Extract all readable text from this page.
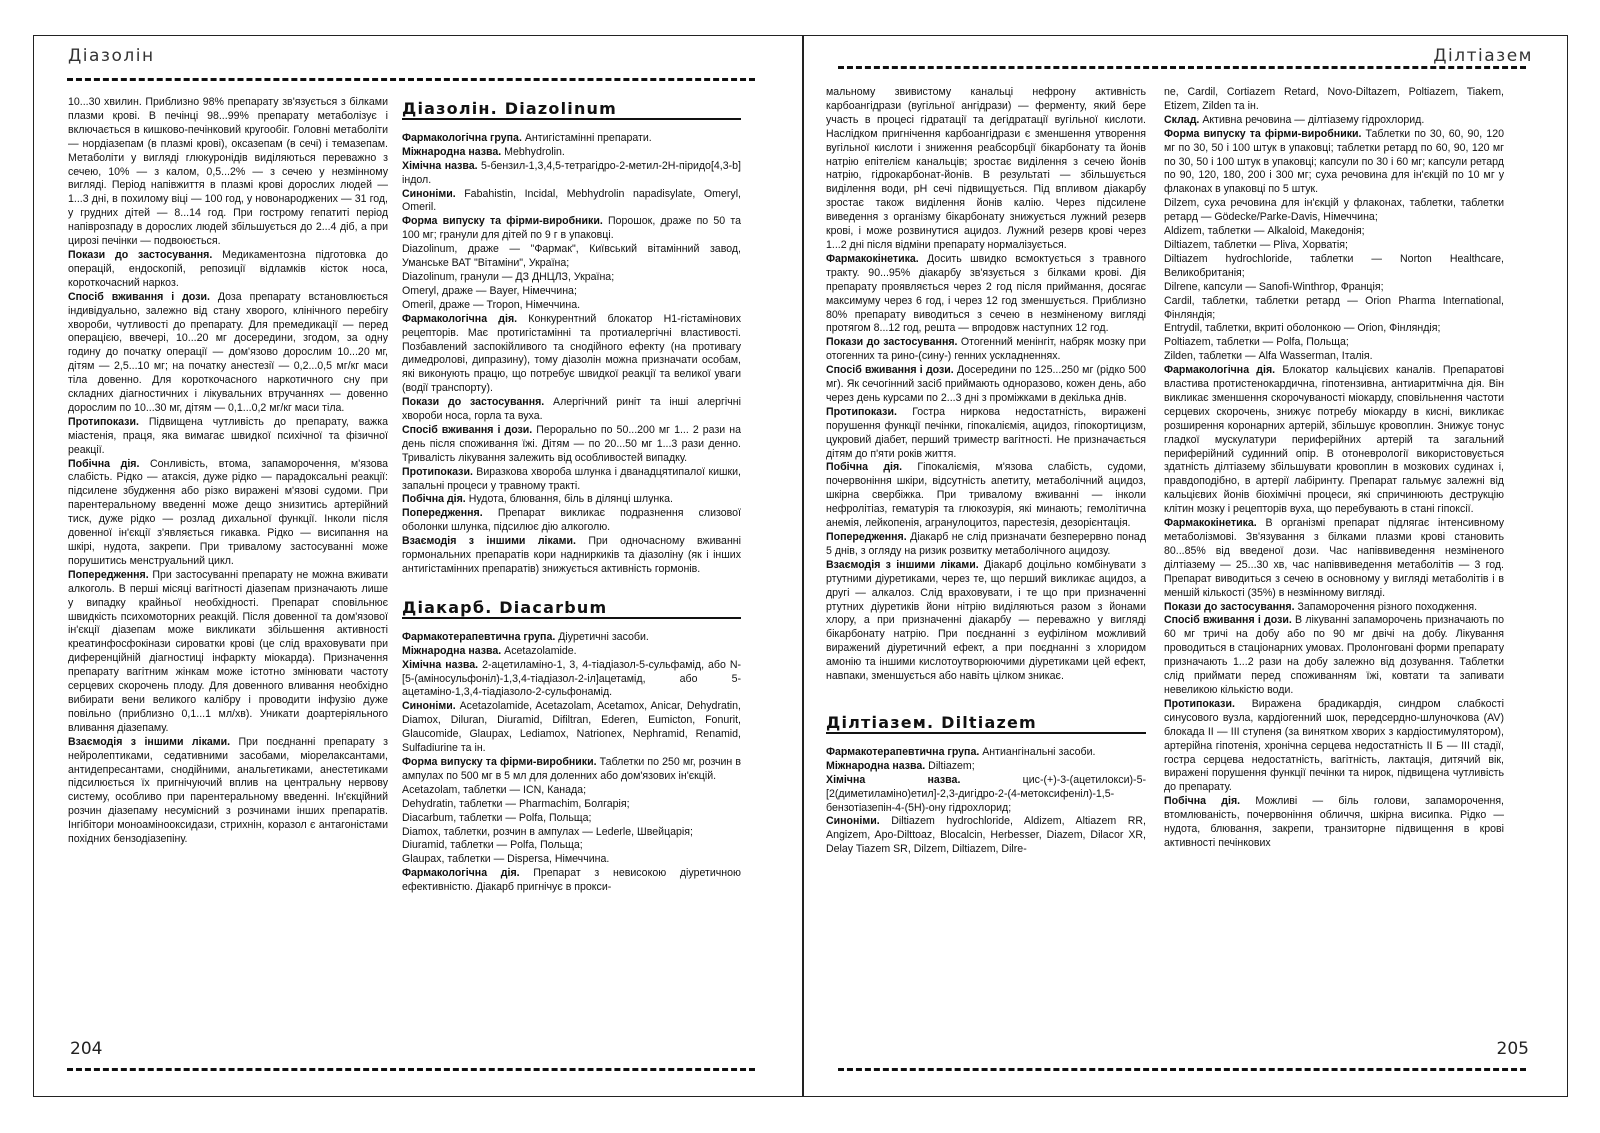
Діазолін

10...30 хвилин. Приблизно 98% препарату зв'язується з білками плазми крові. В печінці 98...99% препарату метаболізує і включається в кишково-печінковий кругообіг. Головні метаболіти — нордіазепам (в плазмі крові), оксазепам (в сечі) і темазепам. Метаболіти у вигляді глюкуронідів виділяються переважно з сечею, 10% — з калом, 0,5...2% — з сечею у незмінному вигляді. Період напівжиття в плазмі крові дорослих людей — 1...3 дні, в похилому віці — 100 год, у новонароджених — 31 год, у грудних дітей — 8...14 год. При гострому гепатиті період напіврозпаду в дорослих людей збільшується до 2...4 діб, а при цирозі печінки — подвоюється.

Покази до застосування. Медикаментозна підготовка до операцій, ендоскопій, репозиції відламків кісток носа, короткочасний наркоз.

Спосіб вживання і дози. Доза препарату встановлюється індивідуально, залежно від стану хворого, клінічного перебігу хвороби, чутливості до препарату. Для премедикації — перед операцією, ввечері, 10...20 мг досередини, згодом, за одну годину до початку операції — дом'язово дорослим 10...20 мг, дітям — 2,5...10 мг; на початку анестезії — 0,2...0,5 мг/кг маси тіла довенно. Для короткочасного наркотичного сну при складних діагностичних і лікувальних втручаннях — довенно дорослим по 10...30 мг, дітям — 0,1...0,2 мг/кг маси тіла.

Протипокази. Підвищена чутливість до препарату, важка міастенія, праця, яка вимагає швидкої психічної та фізичної реакції.

Побічна дія. Сонливість, втома, запаморочення, м'язова слабість. Рідко — атаксія, дуже рідко — парадоксальні реакції: підсилене збудження або різко виражені м'язові судоми. При парентеральному введенні може дещо знизитись артерійний тиск, дуже рідко — розлад дихальної функції. Інколи після довенної ін'єкції з'являється гикавка. Рідко — висипання на шкірі, нудота, закрепи. При тривалому застосуванні може порушитись менструальний цикл.

Попередження. При застосуванні препарату не можна вживати алкоголь. В перші місяці вагітності діазепам призначають лише у випадку крайньої необхідності. Препарат сповільнює швидкість психомоторних реакцій. Після довенної та дом'язової ін'єкції діазепам може викликати збільшення активності креатинфосфокінази сироватки крові (це слід враховувати при диференційній діагностиці інфаркту міокарда). Призначення препарату вагітним жінкам може істотно змінювати частоту серцевих скорочень плоду. Для довенного вливання необхідно вибирати вени великого калібру і проводити інфузію дуже повільно (приблизно 0,1...1 мл/хв). Уникати доартеріяльного вливання діазепаму.

Взаємодія з іншими ліками. При поєднанні препарату з нейролептиками, седативними засобами, міорелаксантами, антидепресантами, снодійними, анальгетиками, анестетиками підсилюється їх пригнічуючий вплив на центральну нервову систему, особливо при парентеральному введенні. Ін'єкційний розчин діазепаму несумісний з розчинами інших препаратів. Інгібітори моноамінооксидази, стрихнін, коразол є антагоністами похідних бензодіазепіну.

Діазолін. Diazolinum

Фармакологічна група. Антигістамінні препарати.

Міжнародна назва. Mebhydrolin.

Хімічна назва. 5-бензил-1,3,4,5-тетрагідро-2-метил-2Н-піридо[4,3-b] індол.

Синоніми. Fabahistin, Incidal, Mebhydrolin napadisylate, Omeryl, Omeril.

Форма випуску та фірми-виробники. Порошок, драже по 50 та 100 мг; гранули для дітей по 9 г в упаковці.

Diazolinum, драже — "Фармак", Київський вітамінний завод, Уманське ВАТ "Вітаміни", Україна;

Diazolinum, гранули — ДЗ ДНЦЛЗ, Україна;

Omeryl, драже — Bayer, Німеччина;

Omeril, драже — Tropon, Німеччина.

Фармакологічна дія. Конкурентний блокатор H1-гістамінових рецепторів. Має протигістамінні та протиалергічні властивості. Позбавлений заспокійливого та снодійного ефекту (на противагу димедролові, дипразину), тому діазолін можна призначати особам, які виконують працю, що потребує швидкої реакції та великої уваги (водії транспорту).

Покази до застосування. Алергічний риніт та інші алергічні хвороби носа, горла та вуха.

Спосіб вживання і дози. Перорально по 50...200 мг 1... 2 рази на день після споживання їжі. Дітям — по 20...50 мг 1...3 рази денно. Тривалість лікування залежить від особливостей випадку.

Протипокази. Виразкова хвороба шлунка і дванадцятипалої кишки, запальні процеси у травному тракті.

Побічна дія. Нудота, блювання, біль в ділянці шлунка.

Попередження. Препарат викликає подразнення слизової оболонки шлунка, підсилює дію алкоголю.

Взаємодія з іншими ліками. При одночасному вживанні гормональних препаратів кори надниркиків та діазоліну (як і інших антигістамінних препаратів) знижується активність гормонів.

Діакарб. Diacarbum

Фармакотерапевтична група. Діуретичні засоби.

Міжнародна назва. Acetazolamide.

Хімічна назва. 2-ацетиламіно-1, 3, 4-тіадіазол-5-сульфамід, або N-[5-(аміносульфоніл)-1,3,4-тіадіазол-2-іл]ацетамід, або 5-ацетаміно-1,3,4-тіадіазоло-2-сульфонамід.

Синоніми. Acetazolamide, Acetazolam, Acetamox, Anicar, Dehydratin, Diamox, Diluran, Diuramid, Difiltran, Ederen, Eumicton, Fonurit, Glaucomide, Glaupax, Lediamox, Natrionex, Nephramid, Renamid, Sulfadiurine та ін.

Форма випуску та фірми-виробники. Таблетки по 250 мг, розчин в ампулах по 500 мг в 5 мл для доленних або дом'язових ін'єкцій.

Acetazolam, таблетки — ICN, Канада;

Dehydratin, таблетки — Pharmachim, Болгарія;

Diacarbum, таблетки — Polfa, Польща;

Diamox, таблетки, розчин в ампулах — Lederle, Швейцарія;

Diuramid, таблетки — Polfa, Польща;

Glaupax, таблетки — Dispersa, Німеччина.

Фармакологічна дія. Препарат з невисокою діуретичною ефективністю. Діакарб пригнічує в прокси-

204
Ділтіазем

мальному звивистому канальці нефрону активність карбоангідрази (вугільної ангідрази) — ферменту, який бере участь в процесі гідратації та дегідратації вугільної кислоти. Наслідком пригнічення карбоангідрази є зменшення утворення вугільної кислоти і зниження реабсорбції бікарбонату та йонів натрію епітелієм канальців; зростає виділення з сечею йонів натрію, гідрокарбонат-йонів. В результаті — збільшується виділення води, рН сечі підвищується. Під впливом діакарбу зростає також виділення йонів калію. Через підсилене виведення з організму бікарбонату знижується лужний резерв крові, і може розвинутися ацидоз. Лужний резерв крові через 1...2 дні після відміни препарату нормалізується.

Фармакокінетика. Досить швидко всмоктується з травного тракту. 90...95% діакарбу зв'язується з білками крові. Дія препарату проявляється через 2 год після приймання, досягає максимуму через 6 год, і через 12 год зменшується. Приблизно 80% препарату виводиться з сечею в незміненому вигляді протягом 8...12 год, решта — впродовж наступних 12 год.

Покази до застосування. Отогенний менінгіт, набряк мозку при отогенних та рино-(сину-) генних ускладненнях.

Спосіб вживання і дози. Досередини по 125...250 мг (рідко 500 мг). Як сечогінний засіб приймають одноразово, кожен день, або через день курсами по 2...3 дні з проміжками в декілька днів.

Протипокази. Гостра ниркова недостатність, виражені порушення функції печінки, гіпокаліємія, ацидоз, гіпокортицизм, цукровий діабет, перший триместр вагітності. Не призначається дітям до п'яти років життя.

Побічна дія. Гіпокаліємія, м'язова слабість, судоми, почервоніння шкіри, відсутність апетиту, метаболічний ацидоз, шкірна свербіжка. При тривалому вживанні — інколи нефролітіаз, гематурія та глюкозурія, які минають; гемолітична анемія, лейкопенія, агранулоцитоз, парестезія, дезорієнтація.

Попередження. Діакарб не слід призначати безперервно понад 5 днів, з огляду на ризик розвитку метаболічного ацидозу.

Взаємодія з іншими ліками. Діакарб доцільно комбінувати з ртутними діуретиками, через те, що перший викликає ацидоз, а другі — алкалоз. Слід враховувати, і те що при призначенні ртутних діуретиків йони нітрію виділяються разом з йонами хлору, а при призначенні діакарбу — переважно у вигляді бікарбонату натрію. При поєднанні з еуфіліном можливий виражений діуретичний ефект, а при поєднанні з хлоридом амонію та іншими кислотоутворюючими діуретиками цей ефект, навпаки, зменшується або навіть цілком зникає.

Ділтіазем. Diltiazem

Фармакотерапевтична група. Антиангінальні засоби.

Міжнародна назва. Diltiazem;

Хімічна назва. цис-(+)-3-(ацетилокси)-5-[2(диметиламіно)етил]-2,3-дигідро-2-(4-метоксифеніл)-1,5-бензотіазепін-4-(5Н)-ону гідрохлорид;

Синоніми. Diltiazem hydrochloride, Aldizem, Altiazem RR, Angizem, Apo-Dilttoaz, Blocalcin, Herbesser, Diazem, Dilacor XR, Delay Tiazem SR, Dilzem, Diltiazem, Dilre-

ne, Cardil, Cortiazem Retard, Novo-Diltazem, Poltiazem, Tiakem, Etizem, Zilden та ін.

Склад. Активна речовина — ділтіазему гідрохлорид.

Форма випуску та фірми-виробники. Таблетки по 30, 60, 90, 120 мг по 30, 50 і 100 штук в упаковці; таблетки ретард по 60, 90, 120 мг по 30, 50 і 100 штук в упаковці; капсули по 30 і 60 мг; капсули ретард по 90, 120, 180, 200 і 300 мг; суха речовина для ін'єкцій по 10 мг у флаконах в упаковці по 5 штук.

Dilzem, суха речовина для ін'єкцій у флаконах, таблетки, таблетки ретард — Gödecke/Parke-Davis, Німеччина;

Aldizem, таблетки — Alkaloid, Македонія;

Diltiazem, таблетки — Pliva, Хорватія;

Diltiazem hydrochloride, таблетки — Norton Healthcare, Великобританія;

Dilrene, капсули — Sanofi-Winthrop, Франція;

Cardil, таблетки, таблетки ретард — Orion Pharma International, Фінляндія;

Entrydil, таблетки, вкриті оболонкою — Orion, Фінляндія;

Poltiazem, таблетки — Polfa, Польща;

Zilden, таблетки — Alfa Wasserman, Італія.

Фармакологічна дія. Блокатор кальцієвих каналів. Препаратові властива протистенокардична, гіпотензивна, антиаритмічна дія. Він викликає зменшення скорочуваності міокарду, сповільнення частоти серцевих скорочень, знижує потребу міокарду в кисні, викликає розширення коронарних артерій, збільшує кровоплин. Знижує тонус гладкої мускулатури периферійних артерій та загальний периферійний судинний опір. В отоневрології використовується здатність ділтіазему збільшувати кровоплин в мозкових судинах і, правдоподібно, в артерії лабіринту. Препарат гальмує залежні від кальцієвих йонів біохімічні процеси, які спричинюють деструкцію клітин мозку і рецепторів вуха, що перебувають в стані гіпоксії.

Фармакокінетика. В організмі препарат підлягає інтенсивному метаболізмові. Зв'язування з білками плазми крові становить 80...85% від введеної дози. Час напіввиведення незміненого ділтіазему — 25...30 хв, час напіввиведення метаболітів — 3 год. Препарат виводиться з сечею в основному у вигляді метаболітів і в меншій кількості (35%) в незмінному вигляді.

Покази до застосування. Запаморочення різного походження.

Спосіб вживання і дози. В лікуванні запаморочень призначають по 60 мг тричі на добу або по 90 мг двічі на добу. Лікування проводиться в стаціонарних умовах. Пролонговані форми препарату призначають 1...2 рази на добу залежно від дозування. Таблетки слід приймати перед споживанням їжі, ковтати та запивати невеликою кількістю води.

Протипокази. Виражена брадикардія, синдром слабкості синусового вузла, кардіогенний шок, передсердно-шлуночкова (AV) блокада II — III ступеня (за винятком хворих з кардіостимулятором), артерійна гіпотенія, хронічна серцева недостатність II Б — III стадії, гостра серцева недостатність, вагітність, лактація, дитячий вік, виражені порушення функції печінки та нирок, підвищена чутливість до препарату.

Побічна дія. Можливі — біль голови, запаморочення, втомлюваність, почервоніння обличчя, шкірна висипка. Рідко — нудота, блювання, закрепи, транзиторне підвищення в крові активності печінкових

205
